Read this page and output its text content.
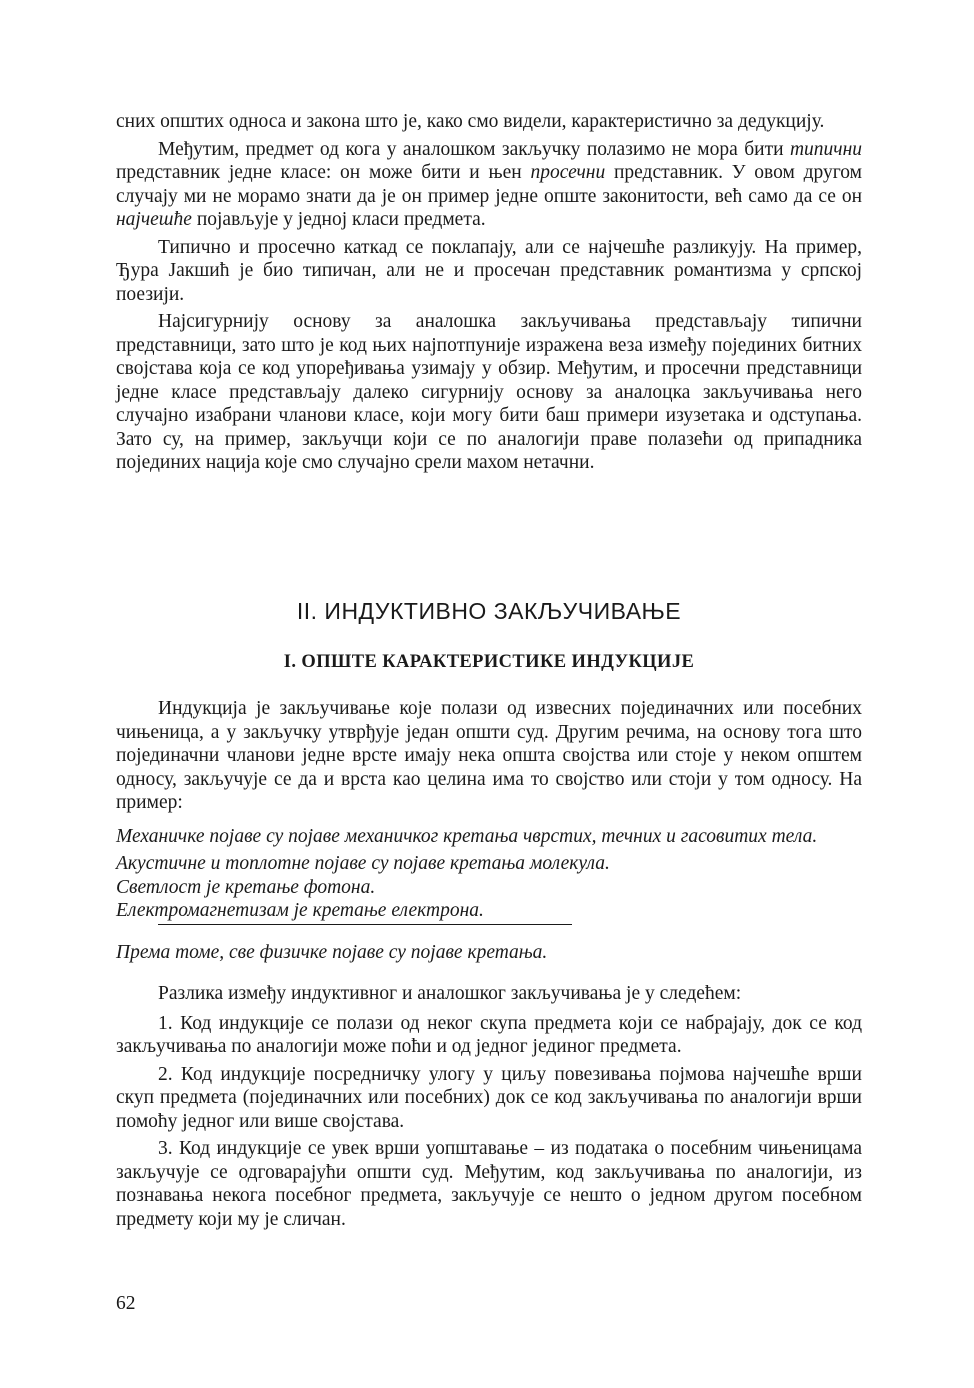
сних општих односа и закона што је, како смо видели, карактеристично за дедукцију.

Међутим, предмет од кога у аналошком закључку полазимо не мора бити типични представник једне класе: он може бити и њен просечни представник. У овом другом случају ми не морамо знати да је он пример једне опште законитости, већ само да се он најчешће појављује у једној класи предмета.

Типично и просечно каткад се поклапају, али се најчешће разликују. На пример, Ђура Јакшић је био типичан, али не и просечан представник романтизма у српској поезији.

Најсигурнију основу за аналошка закључивања представљају типични представници, зато што је код њих најпотпуније изражена веза између појединих битних својстава која се код упоређивања узимају у обзир. Међутим, и просечни представници једне класе представљају далеко сигурнију основу за аналоцка закључивања него случајно изабрани чланови класе, који могу бити баш примери изузетака и одступања. Зато су, на пример, закључци који се по аналогији праве полазећи од припадника појединих нација које смо случајно срели махом нетачни.

II. ИНДУКТИВНО ЗАКЉУЧИВАЊЕ
I. ОПШТЕ КАРАКТЕРИСТИКЕ ИНДУКЦИЈЕ

Индукција је закључивање које полази од извесних појединачних или посебних чињеница, а у закључку утврђује један општи суд. Другим речима, на основу тога што појединачни чланови једне врсте имају нека општа својства или стоје у неком општем односу, закључује се да и врста као целина има то својство или стоји у том односу. На пример:

Механичке појаве су појаве механичког кретања чврстих, течних и гасовитих тела.

Акустичне и топлотне појаве су појаве кретања молекула.

Светлост је кретање фотона.

Електромагнетизам је кретање електрона.

Према томе, све физичке појаве су појаве кретања.

Разлика између индуктивног и аналошког закључивања је у следећем:

1. Код индукције се полази од неког скупа предмета који се набрајају, док се код закључивања по аналогији може поћи и од једног јединог предмета.

2. Код индукције посредничку улогу у циљу повезивања појмова најчешће врши скуп предмета (појединачних или посебних) док се код закључивања по аналогији врши помоћу једног или више својстава.

3. Код индукције се увек врши уопштавање – из података о посебним чињеницама закључује се одговарајући општи суд. Међутим, код закључивања по аналогији, из познавања некога посебног предмета, закључује се нешто о једном другом посебном предмету који му је сличан.

62
